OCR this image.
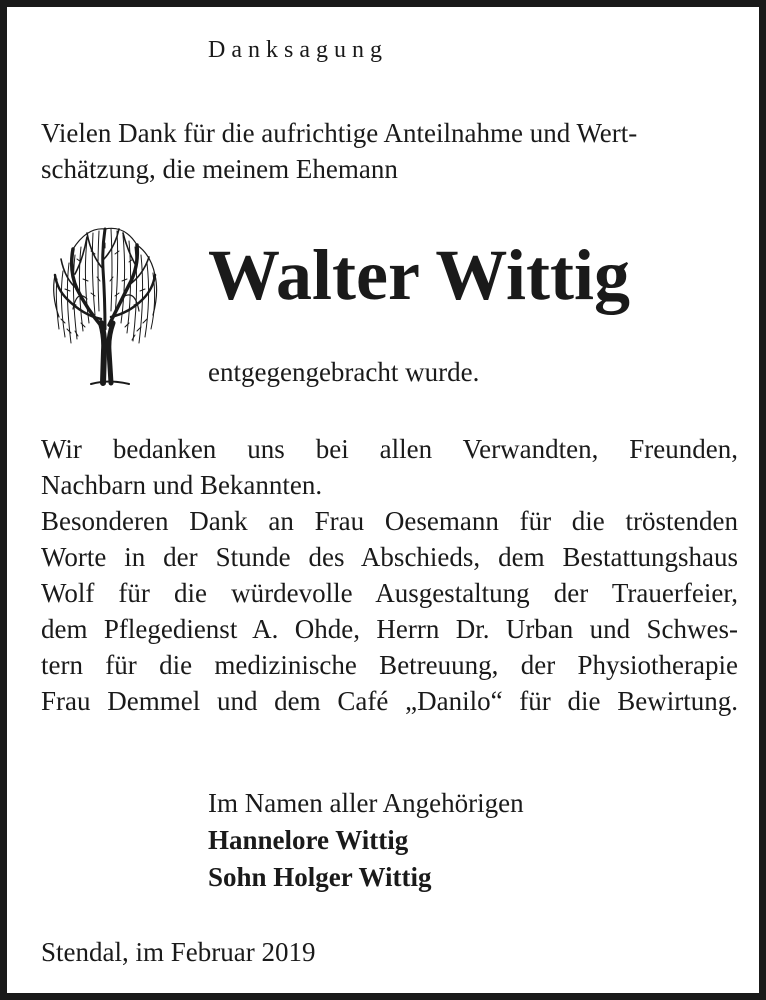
Danksagung
Vielen Dank für die aufrichtige Anteilnahme und Wert-
schätzung, die meinem Ehemann
Walter Wittig
entgegengebracht wurde.
Wir bedanken uns bei allen Verwandten, Freunden,
Nachbarn und Bekannten.
Besonderen Dank an Frau Oesemann für die tröstenden
Worte in der Stunde des Abschieds, dem Bestattungshaus
Wolf für die würdevolle Ausgestaltung der Trauerfeier,
dem Pflegedienst A. Ohde, Herrn Dr. Urban und Schwes-
tern für die medizinische Betreuung, der Physiotherapie
Frau Demmel und dem Café „Danilo“ für die Bewirtung.
Im Namen aller Angehörigen
Hannelore Wittig
Sohn Holger Wittig
Stendal, im Februar 2019
